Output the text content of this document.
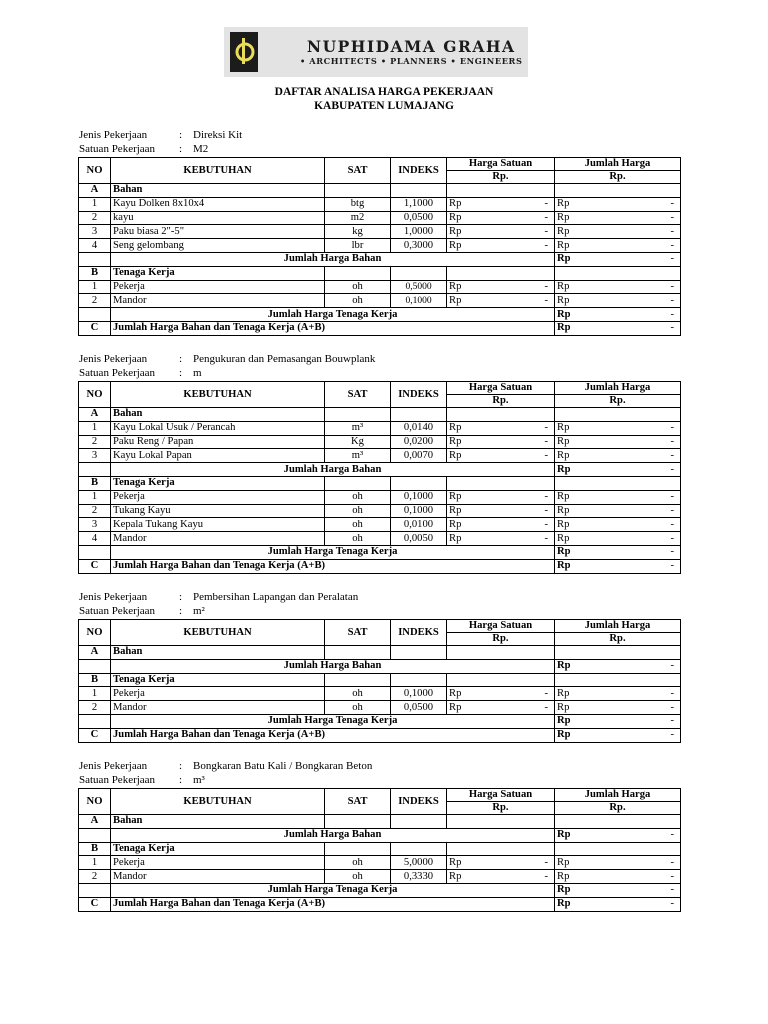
NUPHIDAMA GRAHA
• ARCHITECTS • PLANNERS • ENGINEERS
DAFTAR ANALISA HARGA PEKERJAAN
KABUPATEN LUMAJANG
Jenis Pekerjaan	: Direksi Kit
Satuan Pekerjaan	: M2
NO	KEBUTUHAN	SAT	INDEKS	Harga Satuan		Jumlah Harga	
				Rp.		Rp.	
A	Bahan						
1	Kayu Dolken 8x10x4	btg	1,1000	Rp	-	Rp	-
2	kayu	m2	0,0500	Rp	-	Rp	-
3	Paku biasa 2"-5"	kg	1,0000	Rp	-	Rp	-
4	Seng gelombang	lbr	0,3000	Rp	-	Rp	-
	Jumlah Harga Bahan					Rp	-
B	Tenaga Kerja						
1	Pekerja	oh	0,5000	Rp	-	Rp	-
2	Mandor	oh	0,1000	Rp	-	Rp	-
	Jumlah Harga Tenaga Kerja					Rp	-
C	Jumlah Harga Bahan dan Tenaga Kerja (A+B)					Rp	-
Jenis Pekerjaan	: Pengukuran dan Pemasangan Bouwplank
Satuan Pekerjaan	: m
NO	KEBUTUHAN	SAT	INDEKS	Harga Satuan		Jumlah Harga	
				Rp.		Rp.	
A	Bahan						
1	Kayu Lokal Usuk / Perancah	m³	0,0140	Rp	-	Rp	-
2	Paku Reng / Papan	Kg	0,0200	Rp	-	Rp	-
3	Kayu Lokal Papan	m³	0,0070	Rp	-	Rp	-
	Jumlah Harga Bahan					Rp	-
B	Tenaga Kerja						
1	Pekerja	oh	0,1000	Rp	-	Rp	-
2	Tukang Kayu	oh	0,1000	Rp	-	Rp	-
3	Kepala Tukang Kayu	oh	0,0100	Rp	-	Rp	-
4	Mandor	oh	0,0050	Rp	-	Rp	-
	Jumlah Harga Tenaga Kerja					Rp	-
C	Jumlah Harga Bahan dan Tenaga Kerja (A+B)					Rp	-
Jenis Pekerjaan	: Pembersihan Lapangan dan Peralatan
Satuan Pekerjaan	: m²
NO	KEBUTUHAN	SAT	INDEKS	Harga Satuan		Jumlah Harga	
				Rp.		Rp.	
A	Bahan						
	Jumlah Harga Bahan					Rp	-
B	Tenaga Kerja						
1	Pekerja	oh	0,1000	Rp	-	Rp	-
2	Mandor	oh	0,0500	Rp	-	Rp	-
	Jumlah Harga Tenaga Kerja					Rp	-
C	Jumlah Harga Bahan dan Tenaga Kerja (A+B)					Rp	-
Jenis Pekerjaan	: Bongkaran Batu Kali / Bongkaran Beton
Satuan Pekerjaan	: m³
NO	KEBUTUHAN	SAT	INDEKS	Harga Satuan		Jumlah Harga	
				Rp.		Rp.	
A	Bahan						
	Jumlah Harga Bahan					Rp	-
B	Tenaga Kerja						
1	Pekerja	oh	5,0000	Rp	-	Rp	-
2	Mandor	oh	0,3330	Rp	-	Rp	-
	Jumlah Harga Tenaga Kerja					Rp	-
C	Jumlah Harga Bahan dan Tenaga Kerja (A+B)					Rp	-
